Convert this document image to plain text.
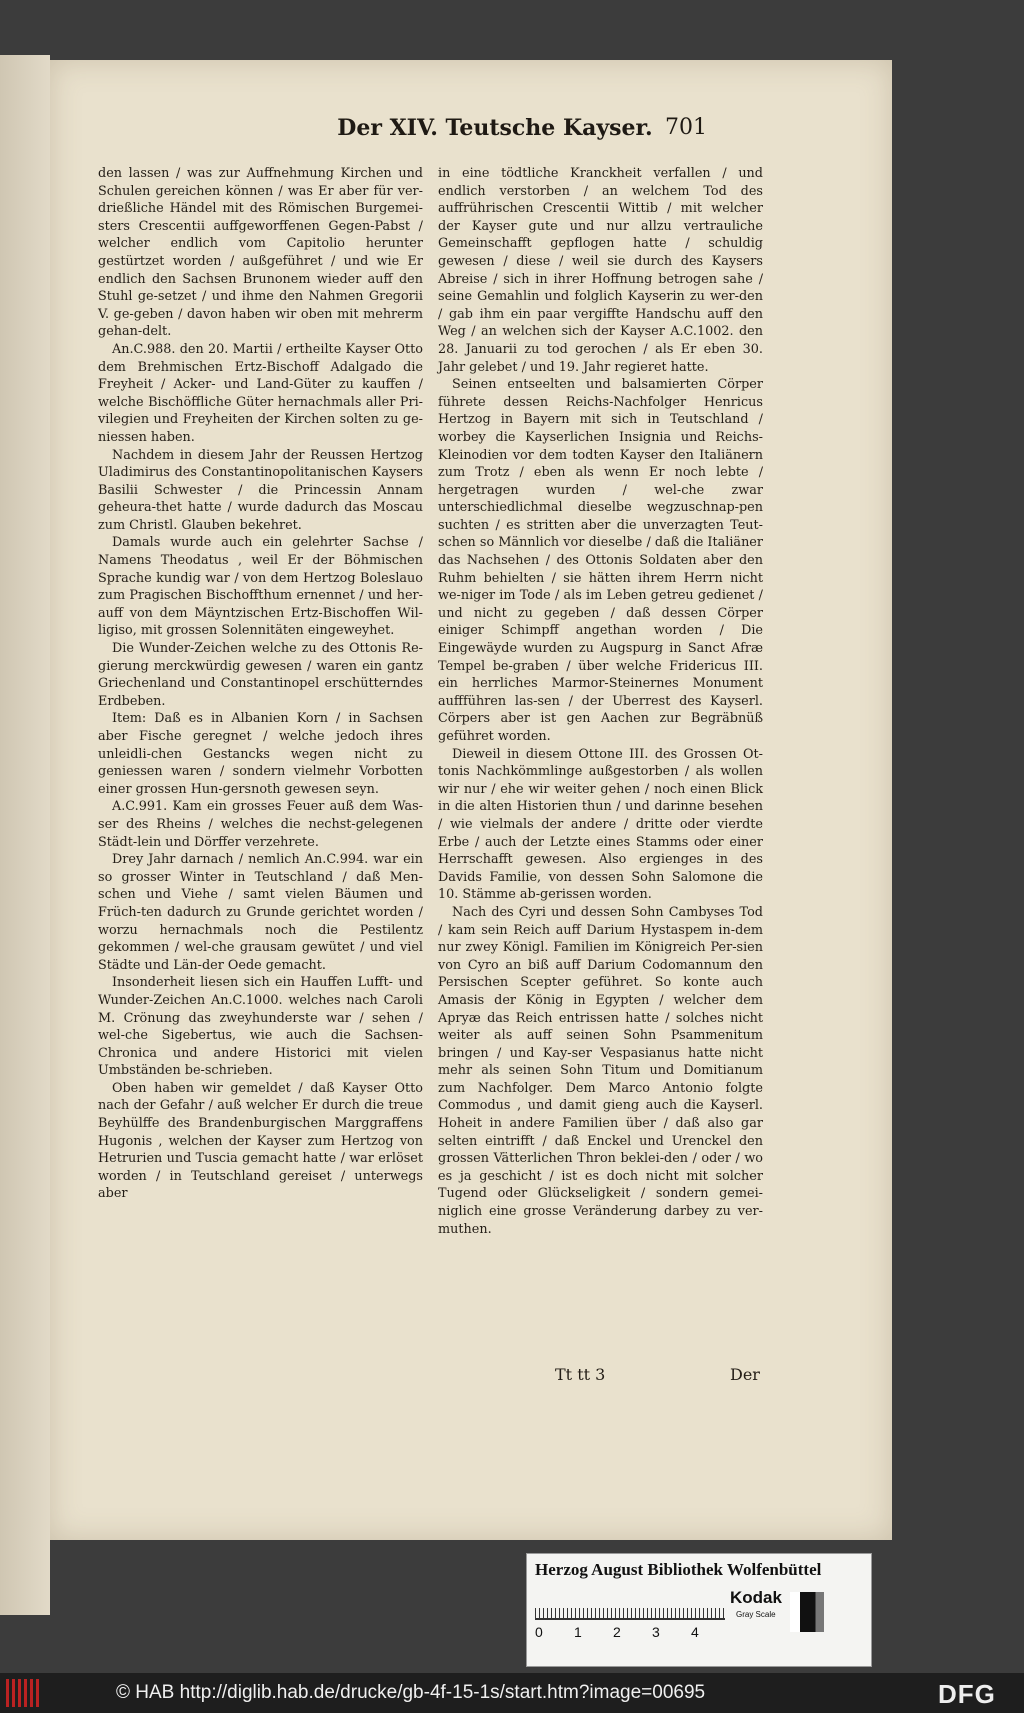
Der XIV. Teutsche Kayser. 701

den lassen / was zur Auffnehmung Kirchen und Schulen gereichen können / was Er aber für ver-drießliche Händel mit des Römischen Burgemei-sters Crescentii auffgeworffenen Gegen-Pabst / welcher endlich vom Capitolio herunter gestürtzet worden / außgeführet / und wie Er endlich den Sachsen Brunonem wieder auff den Stuhl ge-setzet / und ihme den Nahmen Gregorii V. ge-geben / davon haben wir oben mit mehrerm gehan-delt.

An.C.988. den 20. Martii / ertheilte Kayser Otto dem Brehmischen Ertz-Bischoff Adalgado die Freyheit / Acker- und Land-Güter zu kauffen / welche Bischöffliche Güter hernachmals aller Pri-vilegien und Freyheiten der Kirchen solten zu ge-niessen haben.

Nachdem in diesem Jahr der Reussen Hertzog Uladimirus des Constantinopolitanischen Kaysers Basilii Schwester / die Princessin Annam geheura-thet hatte / wurde dadurch das Moscau zum Christl. Glauben bekehret.

Damals wurde auch ein gelehrter Sachse / Namens Theodatus , weil Er der Böhmischen Sprache kundig war / von dem Hertzog Boleslauo zum Pragischen Bischoffthum ernennet / und her-auff von dem Mäyntzischen Ertz-Bischoffen Wil-ligiso, mit grossen Solennitäten eingeweyhet.

Die Wunder-Zeichen welche zu des Ottonis Re-gierung merckwürdig gewesen / waren ein gantz Griechenland und Constantinopel erschütterndes Erdbeben.

Item: Daß es in Albanien Korn / in Sachsen aber Fische geregnet / welche jedoch ihres unleidli-chen Gestancks wegen nicht zu geniessen waren / sondern vielmehr Vorbotten einer grossen Hun-gersnoth gewesen seyn.

A.C.991. Kam ein grosses Feuer auß dem Was-ser des Rheins / welches die nechst-gelegenen Städt-lein und Dörffer verzehrete.

Drey Jahr darnach / nemlich An.C.994. war ein so grosser Winter in Teutschland / daß Men-schen und Viehe / samt vielen Bäumen und Früch-ten dadurch zu Grunde gerichtet worden / worzu hernachmals noch die Pestilentz gekommen / wel-che grausam gewütet / und viel Städte und Län-der Oede gemacht.

Insonderheit liesen sich ein Hauffen Lufft- und Wunder-Zeichen An.C.1000. welches nach Caroli M. Crönung das zweyhunderste war / sehen / wel-che Sigebertus, wie auch die Sachsen-Chronica und andere Historici mit vielen Umbständen be-schrieben.

Oben haben wir gemeldet / daß Kayser Otto nach der Gefahr / auß welcher Er durch die treue Beyhülffe des Brandenburgischen Marggraffens Hugonis , welchen der Kayser zum Hertzog von Hetrurien und Tuscia gemacht hatte / war erlöset worden / in Teutschland gereiset / unterwegs aber

in eine tödtliche Kranckheit verfallen / und endlich verstorben / an welchem Tod des auffrührischen Crescentii Wittib / mit welcher der Kayser gute und nur allzu vertrauliche Gemeinschafft gepflogen hatte / schuldig gewesen / diese / weil sie durch des Kaysers Abreise / sich in ihrer Hoffnung betrogen sahe / seine Gemahlin und folglich Kayserin zu wer-den / gab ihm ein paar vergiffte Handschu auff den Weg / an welchen sich der Kayser A.C.1002. den 28. Januarii zu tod gerochen / als Er eben 30. Jahr gelebet / und 19. Jahr regieret hatte.

Seinen entseelten und balsamierten Cörper führete dessen Reichs-Nachfolger Henricus Hertzog in Bayern mit sich in Teutschland / worbey die Kayserlichen Insignia und Reichs-Kleinodien vor dem todten Kayser den Italiänern zum Trotz / eben als wenn Er noch lebte / hergetragen wurden / wel-che zwar unterschiedlichmal dieselbe wegzuschnap-pen suchten / es stritten aber die unverzagten Teut-schen so Männlich vor dieselbe / daß die Italiäner das Nachsehen / des Ottonis Soldaten aber den Ruhm behielten / sie hätten ihrem Herrn nicht we-niger im Tode / als im Leben getreu gedienet / und nicht zu gegeben / daß dessen Cörper einiger Schimpff angethan worden / Die Eingewäyde wurden zu Augspurg in Sanct Afræ Tempel be-graben / über welche Fridericus III. ein herrliches Marmor-Steinernes Monument auffführen las-sen / der Uberrest des Kayserl. Cörpers aber ist gen Aachen zur Begräbnüß geführet worden.

Dieweil in diesem Ottone III. des Grossen Ot-tonis Nachkömmlinge außgestorben / als wollen wir nur / ehe wir weiter gehen / noch einen Blick in die alten Historien thun / und darinne besehen / wie vielmals der andere / dritte oder vierdte Erbe / auch der Letzte eines Stamms oder einer Herrschafft gewesen. Also ergienges in des Davids Familie, von dessen Sohn Salomone die 10. Stämme ab-gerissen worden.

Nach des Cyri und dessen Sohn Cambyses Tod / kam sein Reich auff Darium Hystaspem in-dem nur zwey Königl. Familien im Königreich Per-sien von Cyro an biß auff Darium Codomannum den Persischen Scepter geführet. So konte auch Amasis der König in Egypten / welcher dem Apryæ das Reich entrissen hatte / solches nicht weiter als auff seinen Sohn Psammenitum bringen / und Kay-ser Vespasianus hatte nicht mehr als seinen Sohn Titum und Domitianum zum Nachfolger. Dem Marco Antonio folgte Commodus , und damit gieng auch die Kayserl. Hoheit in andere Familien über / daß also gar selten eintrifft / daß Enckel und Urenckel den grossen Vätterlichen Thron beklei-den / oder / wo es ja geschicht / ist es doch nicht mit solcher Tugend oder Glückseligkeit / sondern gemei-niglich eine grosse Veränderung darbey zu ver-muthen.

Tt tt 3	Der
Herzog August Bibliothek Wolfenbüttel
0 1 2 3 4
Kodak
Gray Scale
© HAB http://diglib.hab.de/drucke/gb-4f-15-1s/start.htm?image=00695	DFG
